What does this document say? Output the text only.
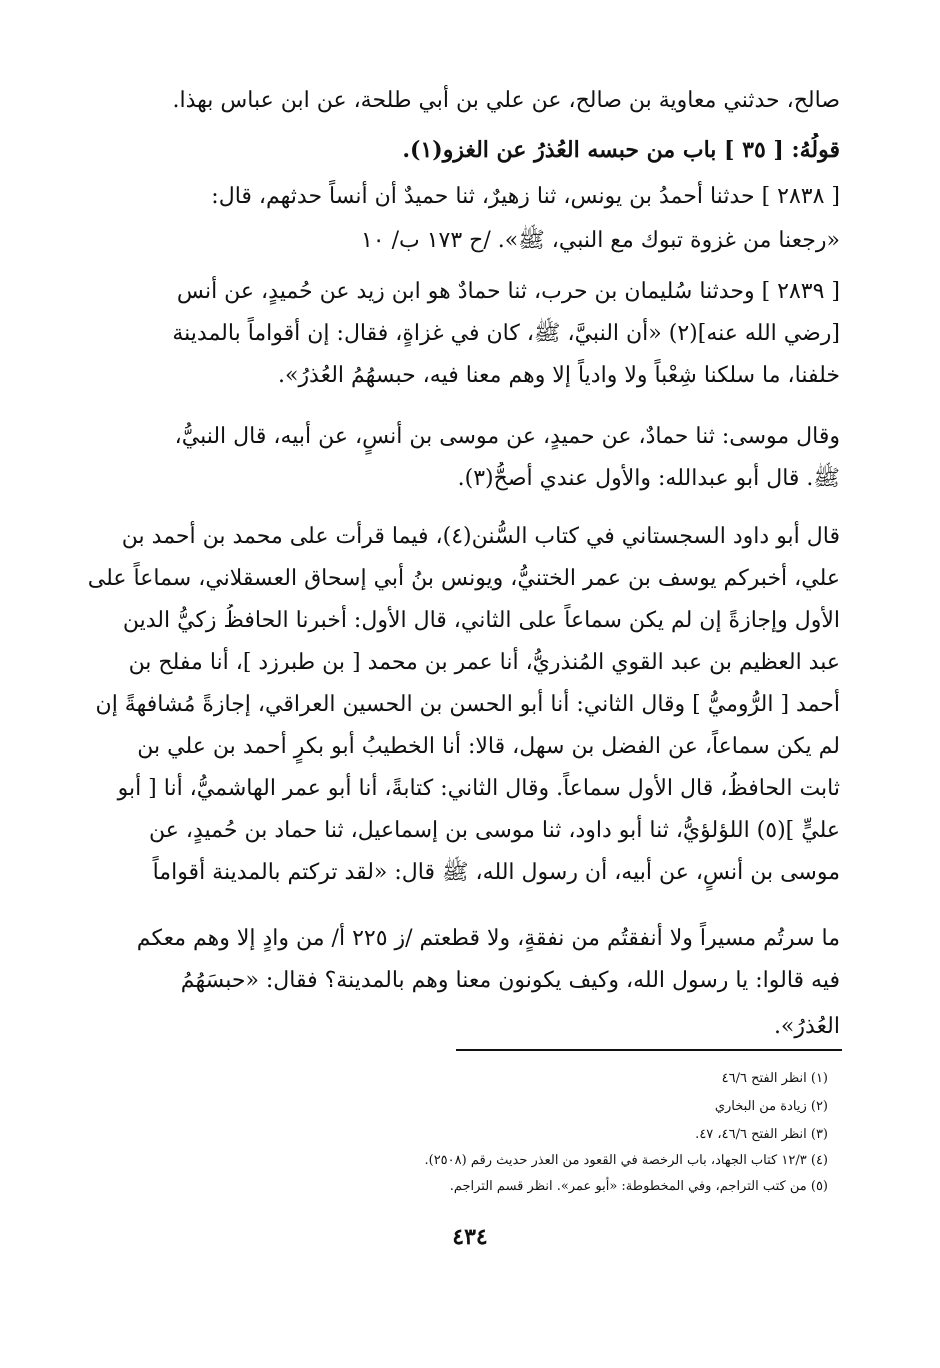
صالح، حدثني معاوية بن صالح، عن علي بن أبي طلحة، عن ابن عباس بهذا.
قولُهُ: [ ٣٥ ] باب من حبسه العُذرُ عن الغزو(١).
[ ٢٨٣٨ ] حدثنا أحمدُ بن يونس، ثنا زهيرٌ، ثنا حميدٌ أن أنساً حدثهم، قال:
«رجعنا من غزوة تبوك مع النبي، ﷺ». /ح ١٧٣ ب/ ١٠
[ ٢٨٣٩ ] وحدثنا سُليمان بن حرب، ثنا حمادٌ هو ابن زيد عن حُميدٍ، عن أنس
[رضي الله عنه](٢) «أن النبيَّ، ﷺ، كان في غزاةٍ، فقال: إن أقواماً بالمدينة
خلفنا، ما سلكنا شِعْباً ولا وادياً إلا وهم معنا فيه، حبسهُمُ العُذرُ».
وقال موسى: ثنا حمادٌ، عن حميدٍ، عن موسى بن أنسٍ، عن أبيه، قال النبيُّ،
ﷺ. قال أبو عبدالله: والأول عندي أصحُّ(٣).
قال أبو داود السجستاني في كتاب السُّنن(٤)، فيما قرأت على محمد بن أحمد بن
علي، أخبركم يوسف بن عمر الختنيُّ، ويونس بنُ أبي إسحاق العسقلاني، سماعاً على
الأول وإجازةً إن لم يكن سماعاً على الثاني، قال الأول: أخبرنا الحافظُ زكيُّ الدين
عبد العظيم بن عبد القوي المُنذريُّ، أنا عمر بن محمد [ بن طبرزد ]، أنا مفلح بن
أحمد [ الرُّوميُّ ] وقال الثاني: أنا أبو الحسن بن الحسين العراقي، إجازةً مُشافهةً إن
لم يكن سماعاً، عن الفضل بن سهل، قالا: أنا الخطيبُ أبو بكرٍ أحمد بن علي بن
ثابت الحافظُ، قال الأول سماعاً. وقال الثاني: كتابةً، أنا أبو عمر الهاشميُّ، أنا [ أبو
عليٍّ ](٥) اللؤلؤيُّ، ثنا أبو داود، ثنا موسى بن إسماعيل، ثنا حماد بن حُميدٍ، عن
موسى بن أنسٍ، عن أبيه، أن رسول الله، ﷺ قال: «لقد تركتم بالمدينة أقواماً
ما سرتُم مسيراً ولا أنفقتُم من نفقةٍ، ولا قطعتم /ز ٢٢٥ أ/ من وادٍ إلا وهم معكم
فيه قالوا: يا رسول الله، وكيف يكونون معنا وهم بالمدينة؟ فقال: «حبسَهُمُ
العُذرُ».
(١) انظر الفتح ٤٦/٦
(٢) زيادة من البخاري
(٣) انظر الفتح ٤٦/٦، ٤٧.
(٤) ١٢/٣ كتاب الجهاد، باب الرخصة في القعود من العذر حديث رقم (٢٥٠٨).
(٥) من كتب التراجم، وفي المخطوطة: «أبو عمر». انظر قسم التراجم.
٤٣٤
